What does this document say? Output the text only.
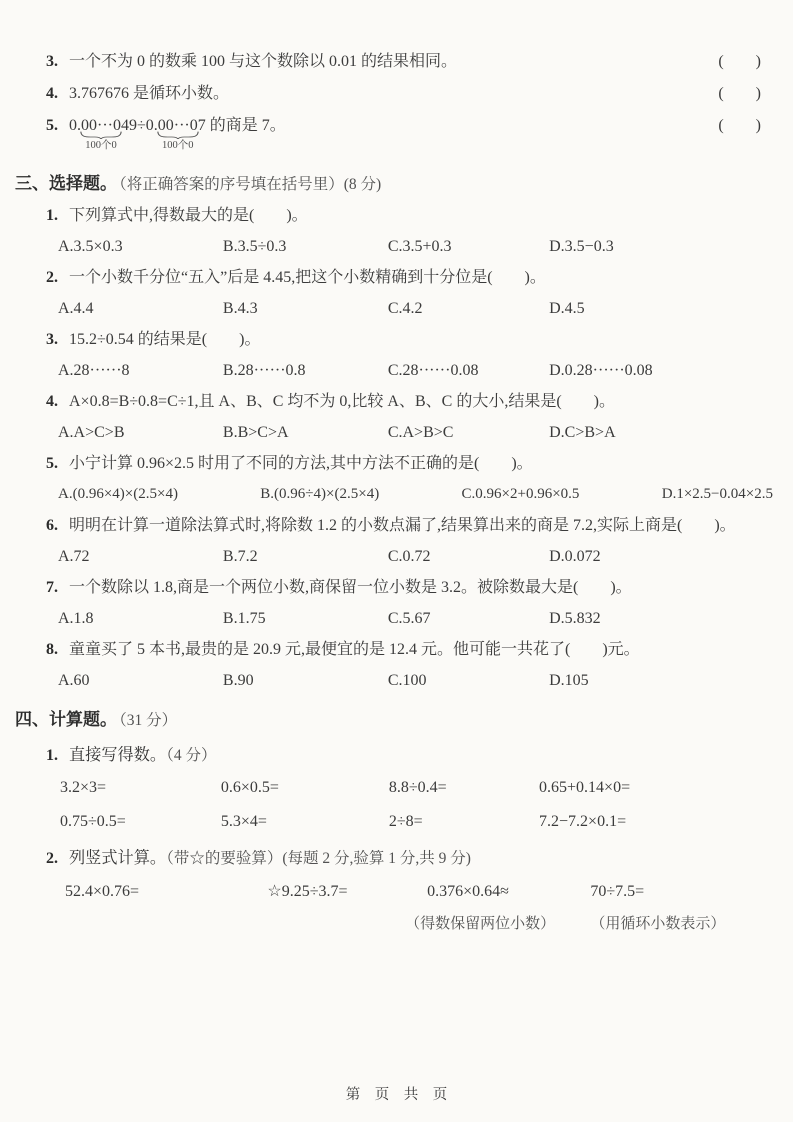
3. 一个不为 0 的数乘 100 与这个数除以 0.01 的结果相同。	(　　)
4. 3.767676 是循环小数。	(　　)
5. 0.00···0
100个0
49÷0.00···0
100个0
7 的商是 7。	(　　)
三、选择题。 （将正确答案的序号填在括号里）(8 分)
1. 下列算式中,得数最大的是(　　)。
A.3.5×0.3	B.3.5÷0.3	C.3.5+0.3	D.3.5−0.3
2. 一个小数千分位“五入”后是 4.45,把这个小数精确到十分位是(　　)。
A.4.4	B.4.3	C.4.2	D.4.5
3. 15.2÷0.54 的结果是(　　)。
A.28······8	B.28······0.8	C.28······0.08	D.0.28······0.08
4. A×0.8=B÷0.8=C÷1,且 A、B、C 均不为 0,比较 A、B、C 的大小,结果是(　　)。
A.A>C>B	B.B>C>A	C.A>B>C	D.C>B>A
5. 小宁计算 0.96×2.5 时用了不同的方法,其中方法不正确的是(　　)。
A.(0.96×4)×(2.5×4)	B.(0.96÷4)×(2.5×4)	C.0.96×2+0.96×0.5	D.1×2.5−0.04×2.5
6. 明明在计算一道除法算式时,将除数 1.2 的小数点漏了,结果算出来的商是 7.2,实际上商是(　　)。
A.72	B.7.2	C.0.72	D.0.072
7. 一个数除以 1.8,商是一个两位小数,商保留一位小数是 3.2。被除数最大是(　　)。
A.1.8	B.1.75	C.5.67	D.5.832
8. 童童买了 5 本书,最贵的是 20.9 元,最便宜的是 12.4 元。他可能一共花了(　　)元。
A.60	B.90	C.100	D.105
四、计算题。 （31 分）
1. 直接写得数。（4 分）
3.2×3=	0.6×0.5=	8.8÷0.4=	0.65+0.14×0=
0.75÷0.5=	5.3×4=	2÷8=	7.2−7.2×0.1=
2. 列竖式计算。（带☆的要验算）(每题 2 分,验算 1 分,共 9 分)
52.4×0.76=	☆9.25÷3.7=	0.376×0.64≈	70÷7.5=
（得数保留两位小数）	（用循环小数表示）
第　页　共　页
